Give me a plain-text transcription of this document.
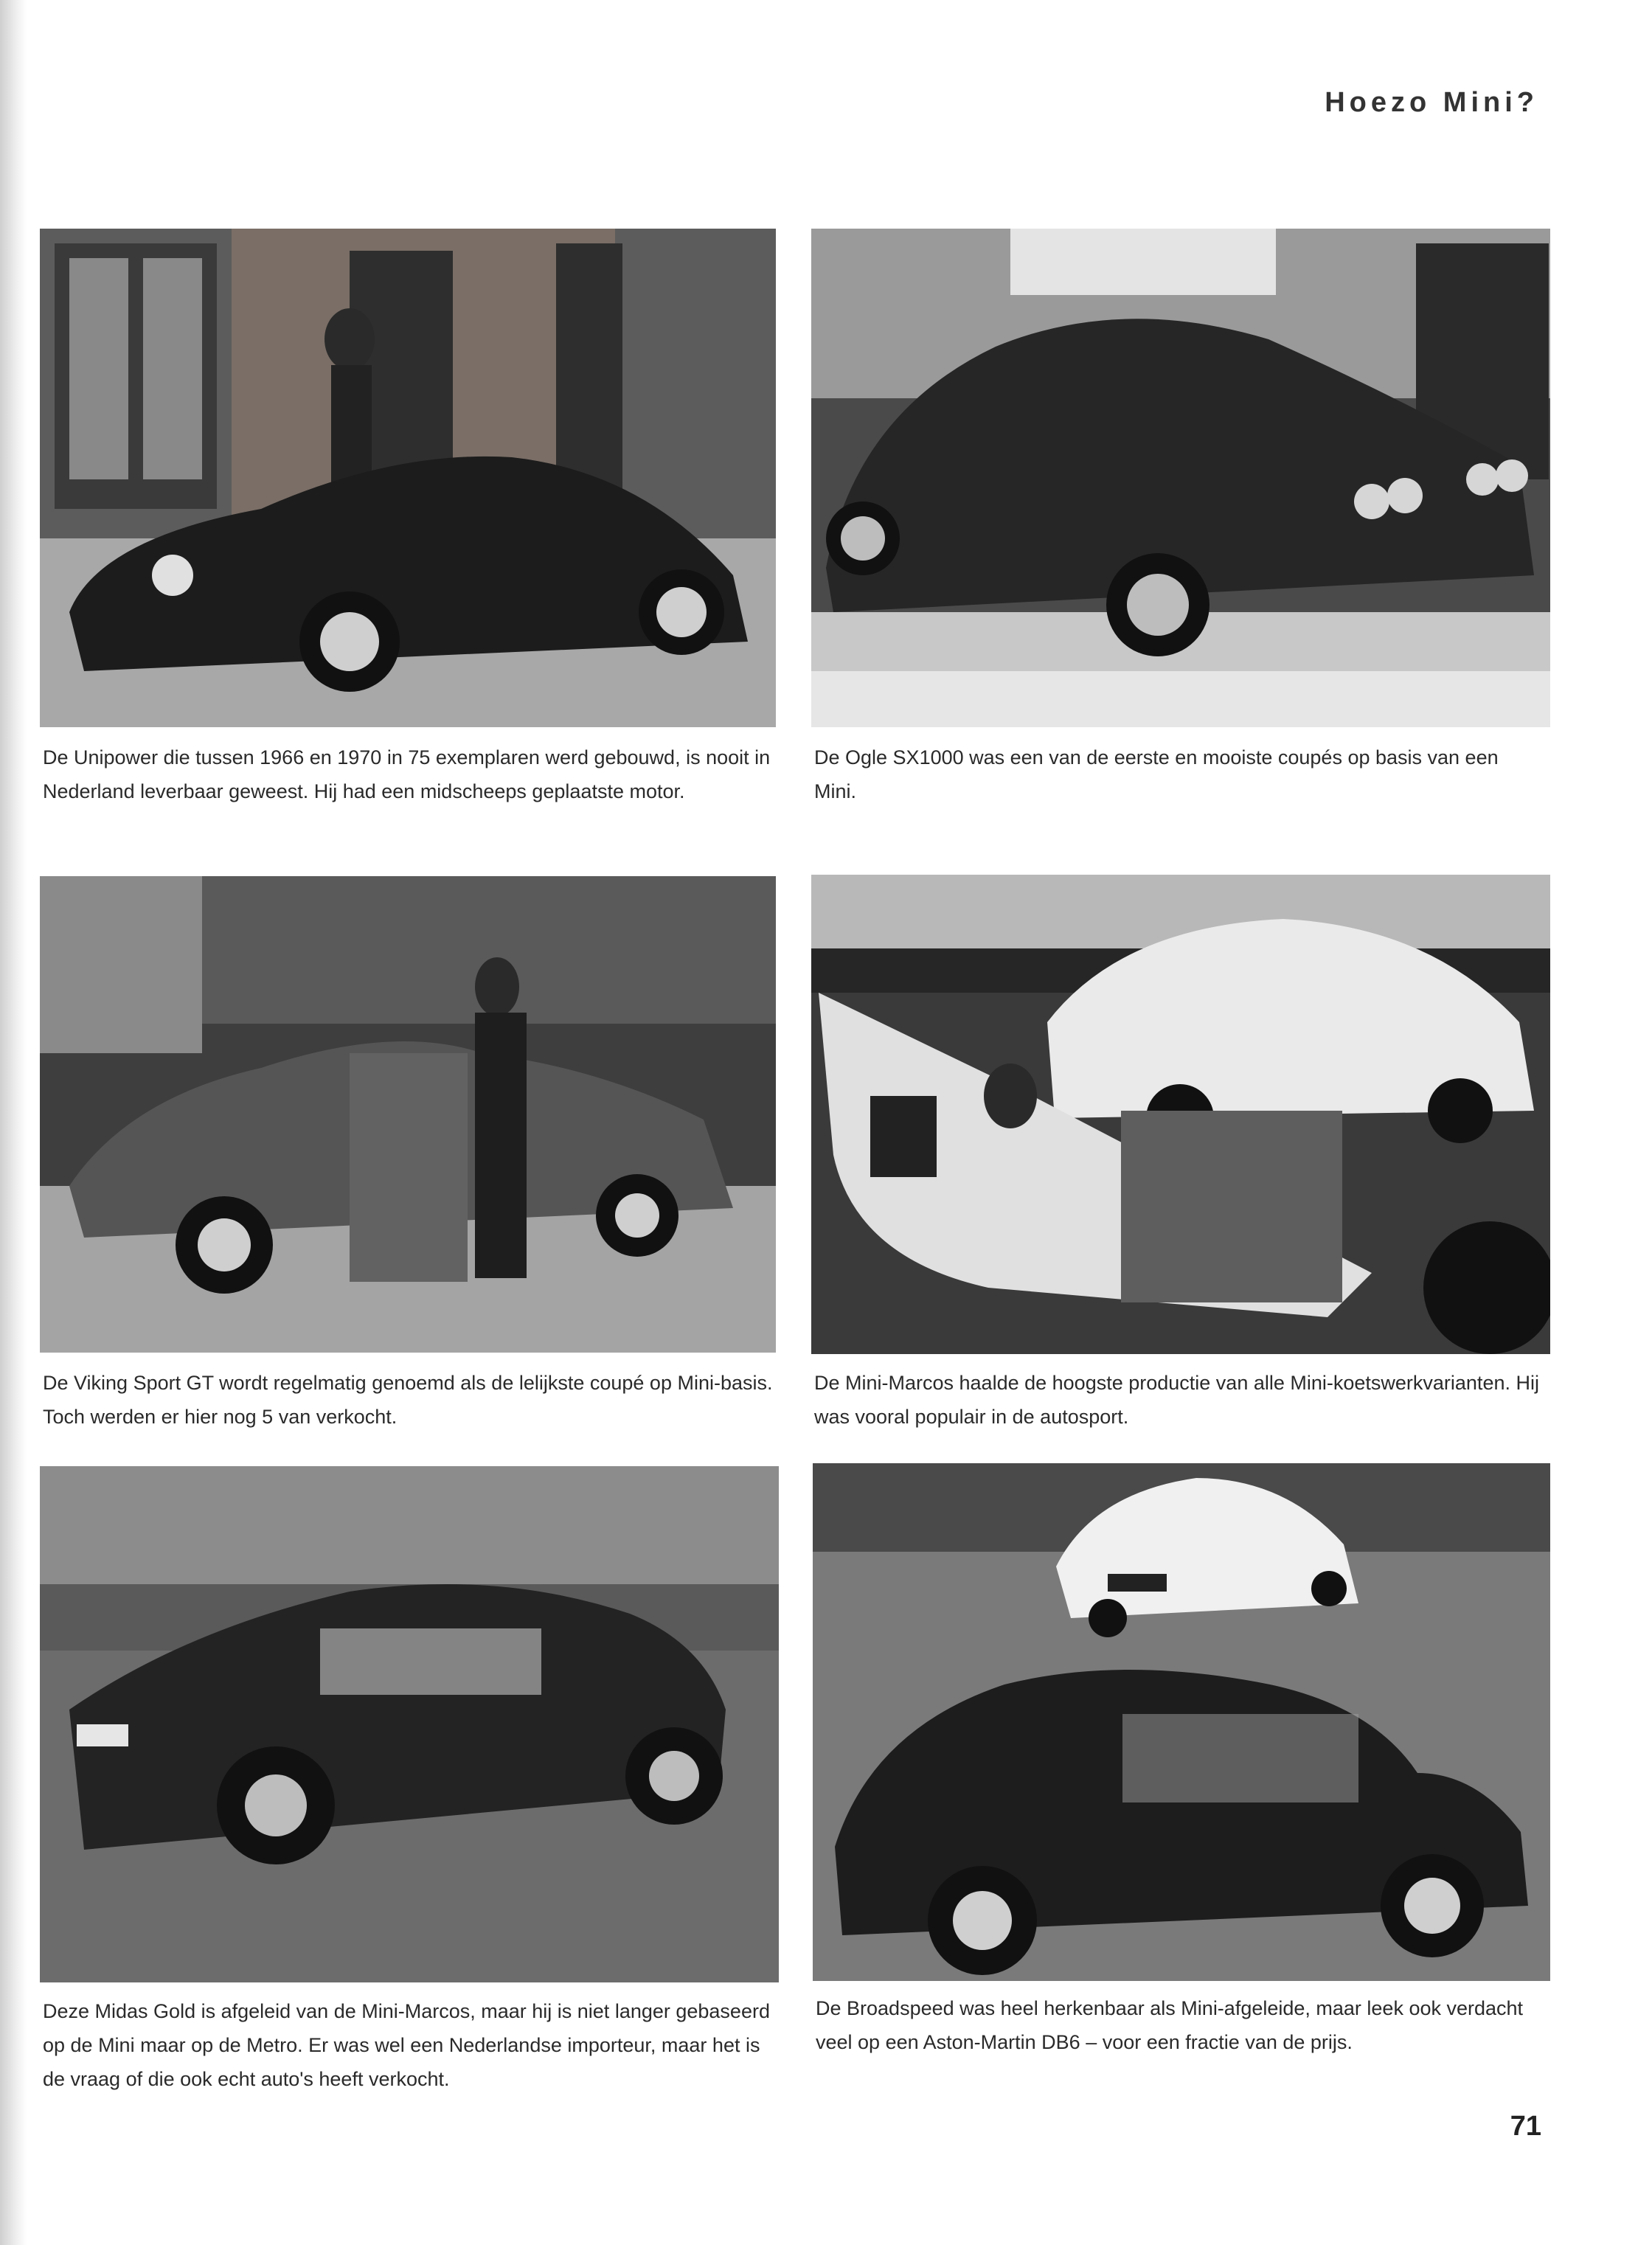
Hoezo Mini?

De Unipower die tussen 1966 en 1970 in 75 exemplaren werd gebouwd, is nooit in Nederland leverbaar geweest. Hij had een midscheeps geplaatste motor.

De Ogle SX1000 was een van de eerste en mooiste coupés op basis van een Mini.

De Viking Sport GT wordt regelmatig genoemd als de lelijkste coupé op Mini-basis. Toch werden er hier nog 5 van verkocht.

De Mini-Marcos haalde de hoogste productie van alle Mini-koetswerkvarianten. Hij was vooral populair in de autosport.

Deze Midas Gold is afgeleid van de Mini-Marcos, maar hij is niet langer gebaseerd op de Mini maar op de Metro. Er was wel een Nederlandse importeur, maar het is de vraag of die ook echt auto's heeft verkocht.

De Broadspeed was heel herkenbaar als Mini-afgeleide, maar leek ook verdacht veel op een Aston-Martin DB6 – voor een fractie van de prijs.

71
